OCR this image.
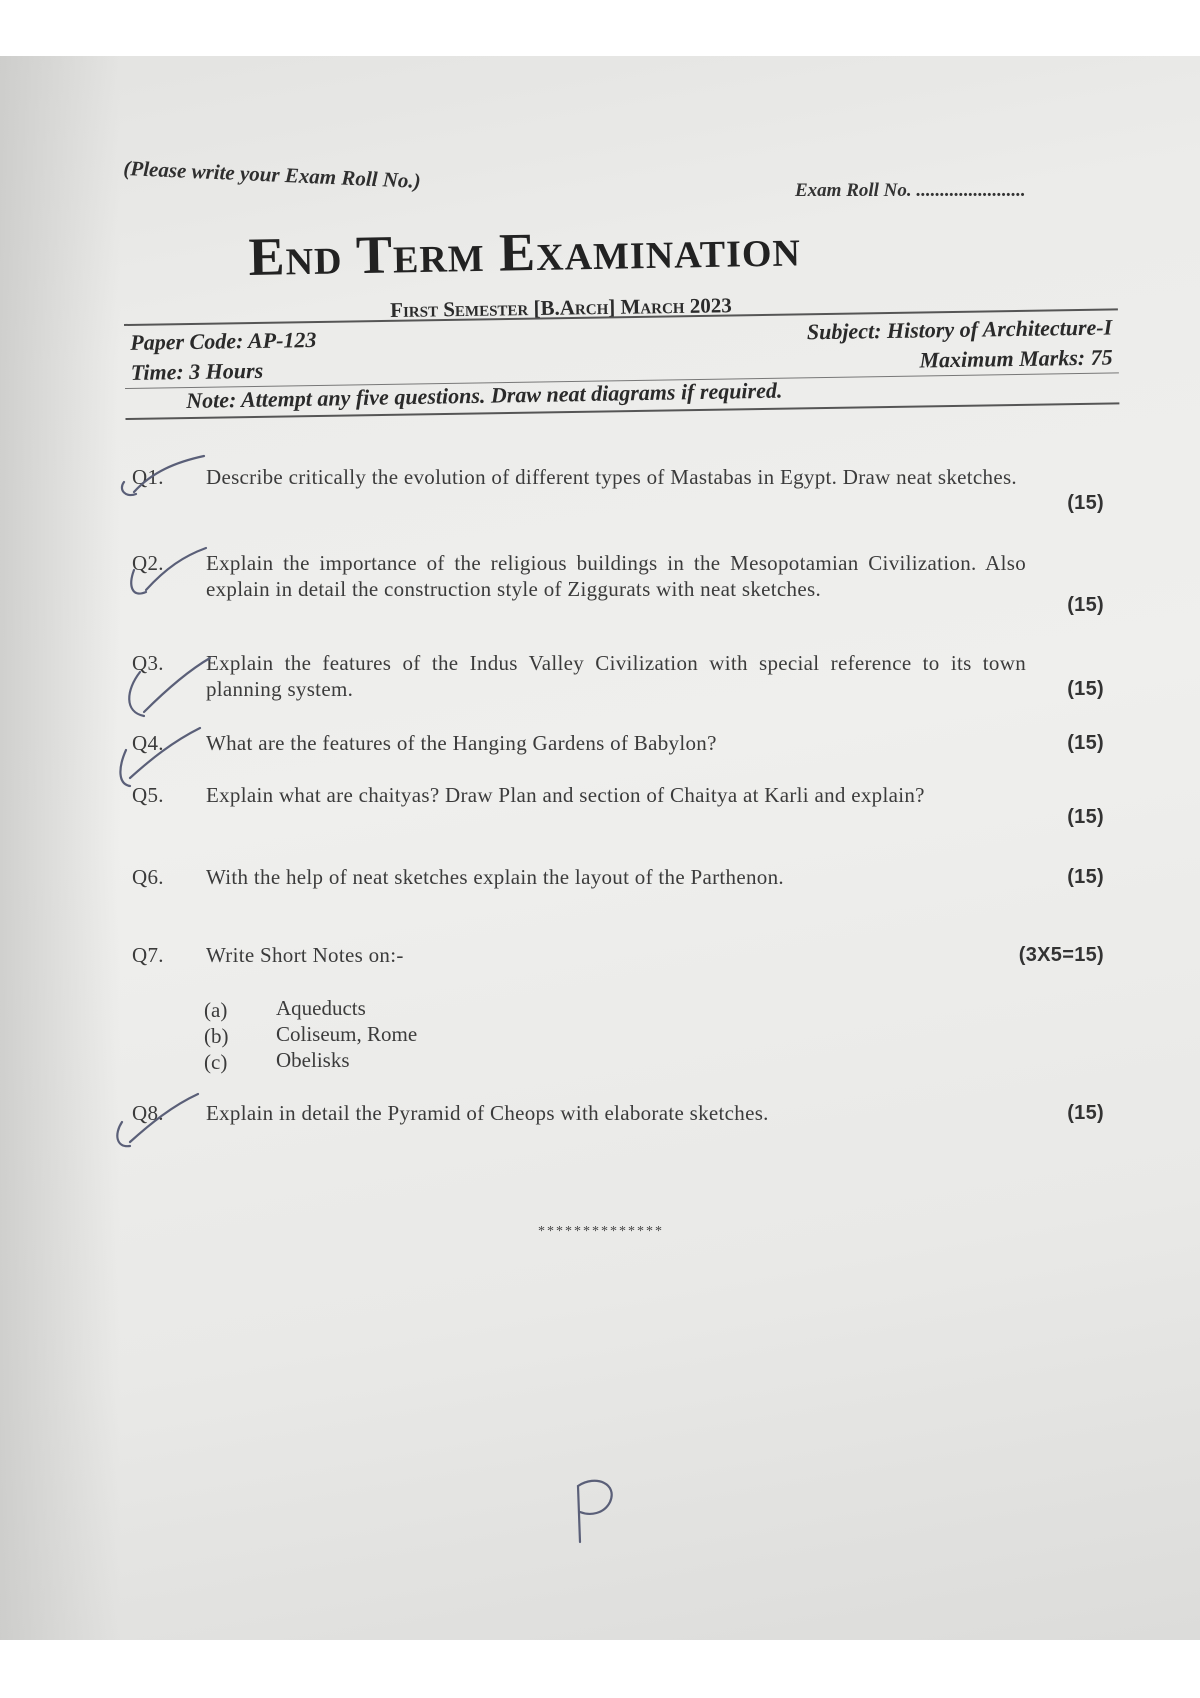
(Please write your Exam Roll No.)	Exam Roll No. .......................
End Term Examination
First Semester [B.Arch] March 2023
Paper Code: AP-123	Subject: History of Architecture-I
Time: 3 Hours	Maximum Marks: 75
Note: Attempt any five questions. Draw neat diagrams if required.
Q1. Describe critically the evolution of different types of Mastabas in Egypt. Draw neat sketches.
(15)
Q2. Explain the importance of the religious buildings in the Mesopotamian Civilization. Also explain in detail the construction style of Ziggurats with neat sketches.
(15)
Q3. Explain the features of the Indus Valley Civilization with special reference to its town planning system.	(15)
Q4. What are the features of the Hanging Gardens of Babylon?	(15)
Q5. Explain what are chaityas? Draw Plan and section of Chaitya at Karli and explain?
(15)
Q6. With the help of neat sketches explain the layout of the Parthenon.	(15)
Q7. Write Short Notes on:-	(3X5=15)
(a) Aqueducts
(b) Coliseum, Rome
(c) Obelisks
Q8. Explain in detail the Pyramid of Cheops with elaborate sketches.	(15)
**************
